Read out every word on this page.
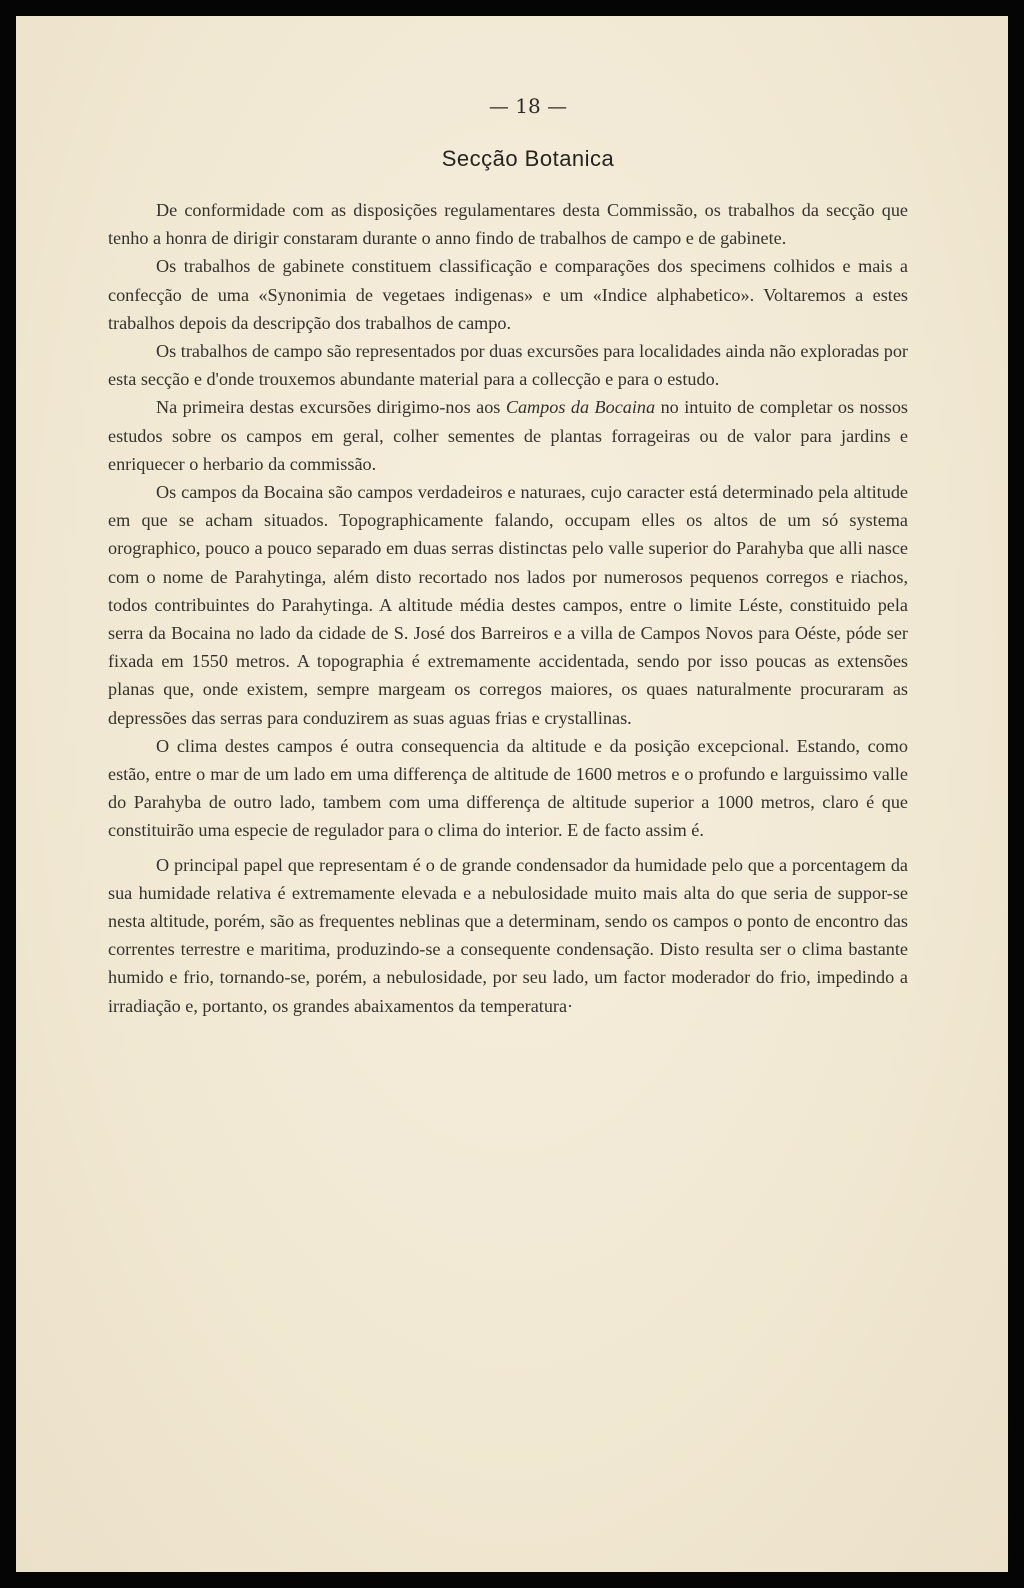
— 18 —
Secção Botanica

De conformidade com as disposições regulamentares desta Commissão, os trabalhos da secção que tenho a honra de dirigir constaram durante o anno findo de trabalhos de campo e de gabinete.

Os trabalhos de gabinete constituem classificação e comparações dos specimens colhidos e mais a confecção de uma «Synonimia de vegetaes indigenas» e um «Indice alphabetico». Voltaremos a estes trabalhos depois da descripção dos trabalhos de campo.

Os trabalhos de campo são representados por duas excursões para localidades ainda não exploradas por esta secção e d'onde trouxemos abundante material para a collecção e para o estudo.

Na primeira destas excursões dirigimo-nos aos Campos da Bocaina no intuito de completar os nossos estudos sobre os campos em geral, colher sementes de plantas forrageiras ou de valor para jardins e enriquecer o herbario da commissão.

Os campos da Bocaina são campos verdadeiros e naturaes, cujo caracter está determinado pela altitude em que se acham situados. Topographicamente falando, occupam elles os altos de um só systema orographico, pouco a pouco separado em duas serras distinctas pelo valle superior do Parahyba que alli nasce com o nome de Parahytinga, além disto recortado nos lados por numerosos pequenos corregos e riachos, todos contribuintes do Parahytinga. A altitude média destes campos, entre o limite Léste, constituido pela serra da Bocaina no lado da cidade de S. José dos Barreiros e a villa de Campos Novos para Oéste, póde ser fixada em 1550 metros. A topographia é extremamente accidentada, sendo por isso poucas as extensões planas que, onde existem, sempre margeam os corregos maiores, os quaes naturalmente procuraram as depressões das serras para conduzirem as suas aguas frias e crystallinas.

O clima destes campos é outra consequencia da altitude e da posição excepcional. Estando, como estão, entre o mar de um lado em uma differença de altitude de 1600 metros e o profundo e larguissimo valle do Parahyba de outro lado, tambem com uma differença de altitude superior a 1000 metros, claro é que constituirão uma especie de regulador para o clima do interior. E de facto assim é.

O principal papel que representam é o de grande condensador da humidade pelo que a porcentagem da sua humidade relativa é extremamente elevada e a nebulosidade muito mais alta do que seria de suppor-se nesta altitude, porém, são as frequentes neblinas que a determinam, sendo os campos o ponto de encontro das correntes terrestre e maritima, produzindo-se a consequente condensação. Disto resulta ser o clima bastante humido e frio, tornando-se, porém, a nebulosidade, por seu lado, um factor moderador do frio, impedindo a irradiação e, portanto, os grandes abaixamentos da temperatura·
